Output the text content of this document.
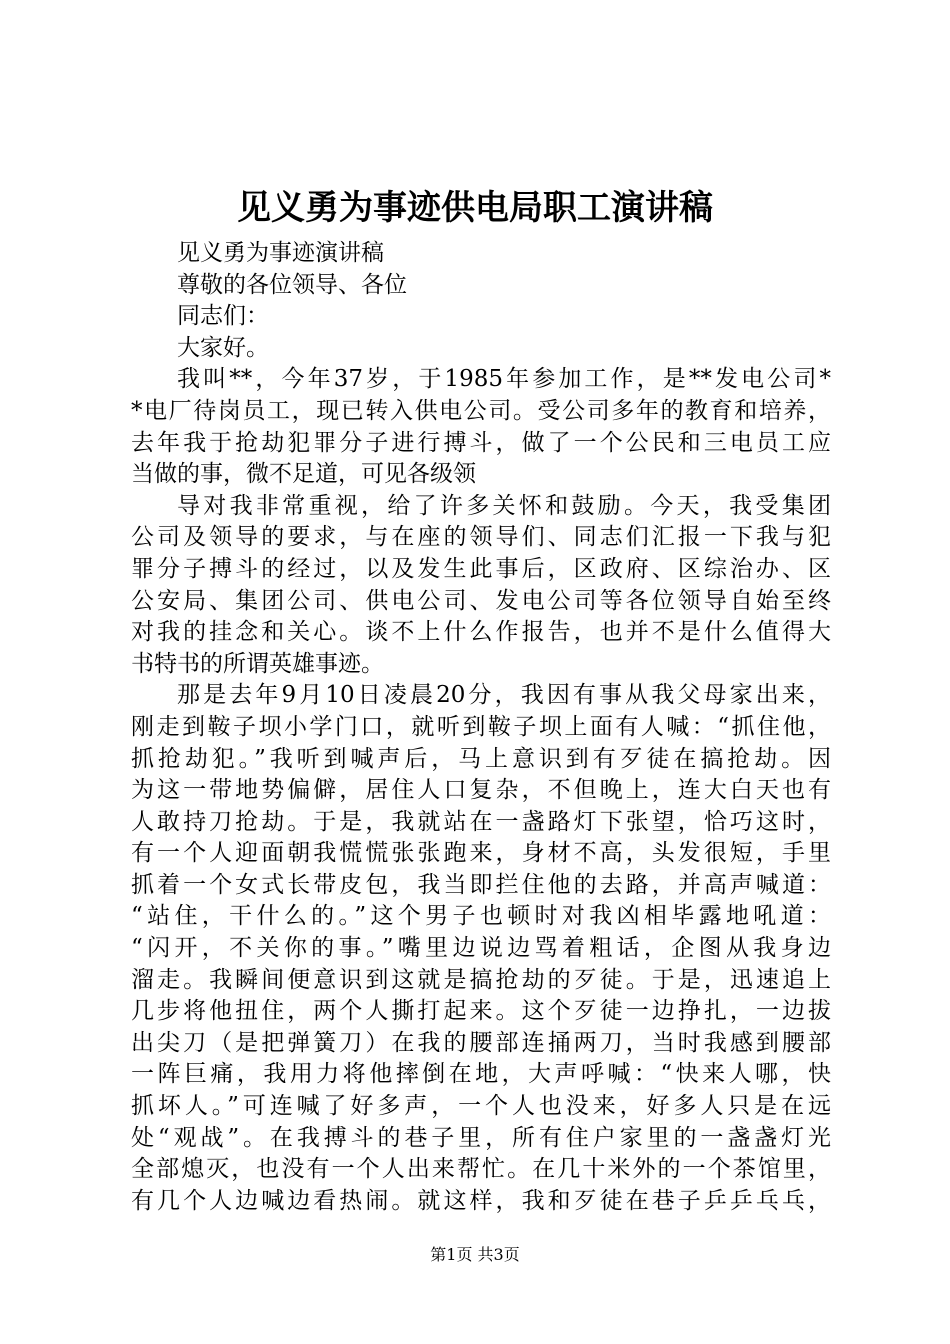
见义勇为事迹供电局职工演讲稿
见义勇为事迹演讲稿
尊敬的各位领导、各位
同志们：
大家好。
我叫**，今年37岁，于1985年参加工作，是**发电公司*
*电厂待岗员工，现已转入供电公司。受公司多年的教育和培养，
去年我于抢劫犯罪分子进行搏斗，做了一个公民和三电员工应
当做的事，微不足道，可见各级领
导对我非常重视，给了许多关怀和鼓励。今天，我受集团
公司及领导的要求，与在座的领导们、同志们汇报一下我与犯
罪分子搏斗的经过，以及发生此事后，区政府、区综治办、区
公安局、集团公司、供电公司、发电公司等各位领导自始至终
对我的挂念和关心。谈不上什么作报告，也并不是什么值得大
书特书的所谓英雄事迹。
那是去年9月10日凌晨20分，我因有事从我父母家出来，
刚走到鞍子坝小学门口，就听到鞍子坝上面有人喊：“抓住他，
抓抢劫犯。”我听到喊声后，马上意识到有歹徒在搞抢劫。因
为这一带地势偏僻，居住人口复杂，不但晚上，连大白天也有
人敢持刀抢劫。于是，我就站在一盏路灯下张望，恰巧这时，
有一个人迎面朝我慌慌张张跑来，身材不高，头发很短，手里
抓着一个女式长带皮包，我当即拦住他的去路，并高声喊道：
“站住，干什么的。”这个男子也顿时对我凶相毕露地吼道：
“闪开，不关你的事。”嘴里边说边骂着粗话，企图从我身边
溜走。我瞬间便意识到这就是搞抢劫的歹徒。于是，迅速追上
几步将他扭住，两个人撕打起来。这个歹徒一边挣扎，一边拔
出尖刀（是把弹簧刀）在我的腰部连捅两刀，当时我感到腰部
一阵巨痛，我用力将他摔倒在地，大声呼喊：“快来人哪，快
抓坏人。”可连喊了好多声，一个人也没来，好多人只是在远
处“观战”。在我搏斗的巷子里，所有住户家里的一盏盏灯光
全部熄灭，也没有一个人出来帮忙。在几十米外的一个茶馆里，
有几个人边喊边看热闹。就这样，我和歹徒在巷子乒乒乓乓，
第1页 共3页
